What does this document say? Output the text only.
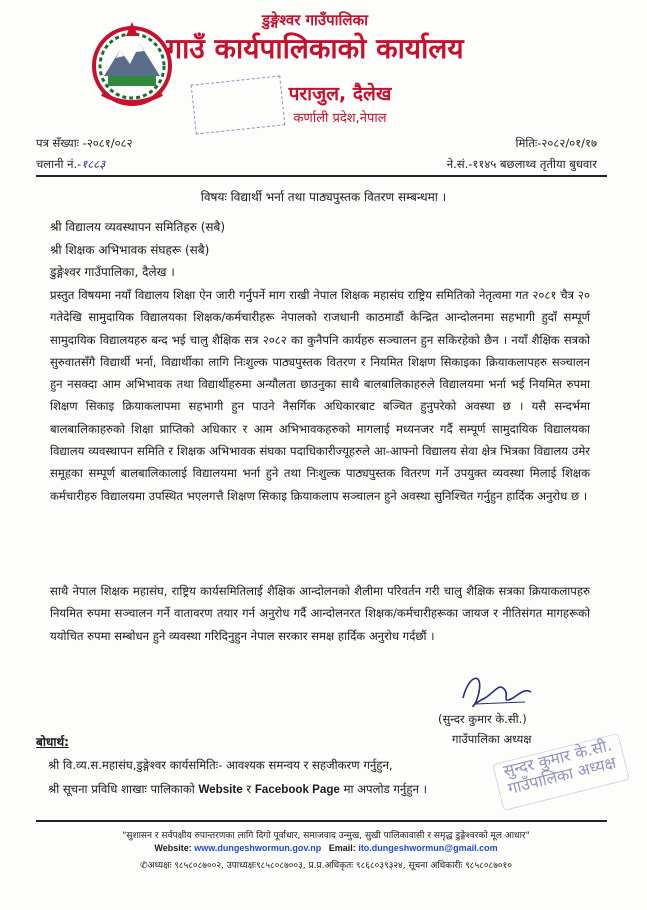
डुङ्गेश्वर गाउँपालिका
गाउँ कार्यपालिकाको कार्यालय
पराजुल, दैलेख
कर्णाली प्रदेश,नेपाल
पत्र सँख्याः -२०८१/०८२
चलानी नं.-१८८३
मितिः-२०८२/०१/१७
ने.सं.-११४५ बछलाथ्व तृतीया बुधवार
विषयः विद्यार्थी भर्ना तथा पाठ्यपुस्तक वितरण सम्बन्धमा ।
श्री विद्यालय व्यवस्थापन समितिहरु (सबै)
श्री शिक्षक अभिभावक संघहरू (सबै)
डुङ्गेश्वर गाउँपालिका, दैलेख ।
प्रस्तुत विषयमा नयाँ विद्यालय शिक्षा ऐन जारी गर्नुपर्ने माग राखी नेपाल शिक्षक महासंघ राष्ट्रिय समितिको नेतृत्वमा गत २०८१ चैत्र २० गतेदेखि सामुदायिक विद्यालयका शिक्षक/कर्मचारीहरू नेपालको राजधानी काठमाडौं केन्द्रित आन्दोलनमा सहभागी हुदाँ सम्पूर्ण सामुदायिक विद्यालयहरु बन्द भई चालु शैक्षिक सत्र २०८२ का कुनैपनि कार्यहरु सञ्चालन हुन सकिरहेको छैन । नयाँ शैक्षिक सत्रको सुरुवातसँगै विद्यार्थी भर्ना, विद्यार्थीका लागि निःशुल्क पाठ्यपुस्तक वितरण र नियमित शिक्षण सिकाइका क्रियाकलापहरु सञ्चालन हुन नसक्दा आम अभिभावक तथा विद्यार्थीहरुमा अन्यौलता छाउनुका साथै बालबालिकाहरुले विद्यालयमा भर्ना भई नियमित रुपमा शिक्षण सिकाइ क्रियाकलापमा सहभागी हुन पाउने नैसर्गिक अधिकारबाट बञ्चित हुनुपरेको अवस्था छ । यसै सन्दर्भमा बालबालिकाहरुको शिक्षा प्राप्तिको अधिकार र आम अभिभावकहरुको मागलाई मध्यनजर गर्दै सम्पूर्ण सामुदायिक विद्यालयका विद्यालय व्यवस्थापन समिति र शिक्षक अभिभावक संघका पदाधिकारीज्यूहरुले आ-आफ्नो विद्यालय सेवा क्षेत्र भित्रका विद्यालय उमेर समूहका सम्पूर्ण बालबालिकालाई विद्यालयमा भर्ना हुने तथा निःशुल्क पाठ्यपुस्तक वितरण गर्ने उपयुक्त व्यवस्था मिलाई शिक्षक कर्मचारीहरु विद्यालयमा उपस्थित भएलगत्तै शिक्षण सिकाइ क्रियाकलाप सञ्चालन हुने अवस्था सुनिश्चित गर्नुहुन हार्दिक अनुरोध छ ।
साथै नेपाल शिक्षक महासंघ, राष्ट्रिय कार्यसमितिलाई शैक्षिक आन्दोलनको शैलीमा परिवर्तन गरी चालु शैक्षिक सत्रका क्रियाकलापहरु नियमित रुपमा सञ्चालन गर्ने वातावरण तयार गर्न अनुरोध गर्दै आन्दोलनरत शिक्षक/कर्मचारीहरूका जायज र नीतिसंगत मागहरूको ययोचित रुपमा सम्बोधन हुने व्यवस्था गरिदिनुहुन नेपाल सरकार समक्ष हार्दिक अनुरोध गर्दछौं ।
(सुन्दर कुमार के.सी.)
गाउँपालिका अध्यक्ष
सुन्दर कुमार के.सी. गाउँपालिका अध्यक्ष
बोधार्थ:
श्री वि.व्य.स.महासंघ,डुङ्गेश्वर कार्यसमितिः- आवश्यक समन्वय र सहजीकरण गर्नुहुन,
श्री सूचना प्रविधि शाखाः पालिकाको Website र Facebook Page मा अपलोड गर्नुहुन ।
"सुशासन र सर्वपक्षीय रुपान्तरणका लागि दिगो पूर्वाधार, समाजवाद उन्मुख, सुखी पालिकावासी र समृद्ध डुङ्गेश्वरको मूल आधार"
Website: www.dungeshwormun.gov.np Email: ito.dungeshwormun@gmail.com
✆अध्यक्षः ९८५८०८७००२, उपाध्यक्षः९८५८०८७००३, प्र.प्र.अधिकृतः ९८६८०३९३२४, सूचना अधिकारीः ९८५८०८७०१०
